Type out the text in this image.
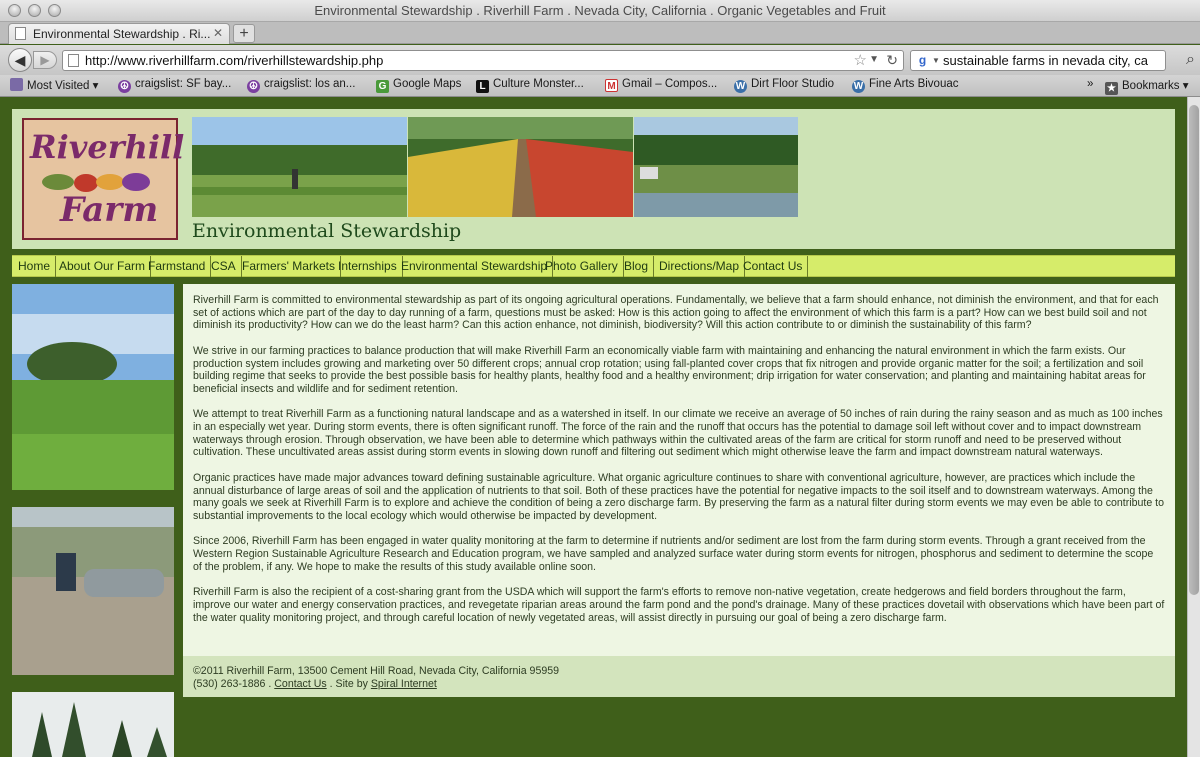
Environmental Stewardship . Riverhill Farm . Nevada City, California . Organic Vegetables and Fruit
Environmental Stewardship . Ri... ✕	+
◀	▶	http://www.riverhillfarm.com/riverhillstewardship.php	☆ ▼ ↻	g ▼ sustainable farms in nevada city, ca ⌕
Most Visited ▾ ☮ craigslist: SF bay... ☮ craigslist: los an... G Google Maps	L Culture Monster... M Gmail – Compos... W Dirt Floor Studio W Fine Arts Bivouac	» ★ Bookmarks ▾
Riverhill
Farm
Environmental Stewardship
Home About Our Farm Farmstand CSA Farmers' Markets Internships Environmental Stewardship
Photo Gallery Blog Directions/Map Contact Us

Riverhill Farm is committed to environmental stewardship as part of its ongoing agricultural operations. Fundamentally, we believe that a farm should enhance, not diminish the environment, and that for each set of actions which are part of the day to day running of a farm, questions must be asked: How is this action going to affect the environment of which this farm is a part? How can we best build soil and not diminish its productivity? How can we do the least harm? Can this action enhance, not diminish, biodiversity? Will this action contribute to or diminish the sustainability of this farm?

We strive in our farming practices to balance production that will make Riverhill Farm an economically viable farm with maintaining and enhancing the natural environment in which the farm exists. Our production system includes growing and marketing over 50 different crops; annual crop rotation; using fall-planted cover crops that fix nitrogen and provide organic matter for the soil; a fertilization and soil building regime that seeks to provide the best possible basis for healthy plants, healthy food and a healthy environment; drip irrigation for water conservation; and planting and maintaining habitat areas for beneficial insects and wildlife and for sediment retention.

We attempt to treat Riverhill Farm as a functioning natural landscape and as a watershed in itself. In our climate we receive an average of 50 inches of rain during the rainy season and as much as 100 inches in an especially wet year. During storm events, there is often significant runoff. The force of the rain and the runoff that occurs has the potential to damage soil left without cover and to impact downstream waterways through erosion. Through observation, we have been able to determine which pathways within the cultivated areas of the farm are critical for storm runoff and need to be preserved without cultivation. These uncultivated areas assist during storm events in slowing down runoff and filtering out sediment which might otherwise leave the farm and impact downstream natural waterways.

Organic practices have made major advances toward defining sustainable agriculture. What organic agriculture continues to share with conventional agriculture, however, are practices which include the annual disturbance of large areas of soil and the application of nutrients to that soil. Both of these practices have the potential for negative impacts to the soil itself and to downstream waterways. Among the many goals we seek at Riverhill Farm is to explore and achieve the condition of being a zero discharge farm. By preserving the farm as a natural filter during storm events we may even be able to contribute to substantial improvements to the local ecology which would otherwise be impacted by development.

Since 2006, Riverhill Farm has been engaged in water quality monitoring at the farm to determine if nutrients and/or sediment are lost from the farm during storm events. Through a grant received from the Western Region Sustainable Agriculture Research and Education program, we have sampled and analyzed surface water during storm events for nitrogen, phosphorus and sediment to determine the scope of the problem, if any. We hope to make the results of this study available online soon.

Riverhill Farm is also the recipient of a cost-sharing grant from the USDA which will support the farm's efforts to remove non-native vegetation, create hedgerows and field borders throughout the farm, improve our water and energy conservation practices, and revegetate riparian areas around the farm pond and the pond's drainage. Many of these practices dovetail with observations which have been part of the water quality monitoring project, and through careful location of newly vegetated areas, will assist directly in pursuing our goal of being a zero discharge farm.

©2011 Riverhill Farm, 13500 Cement Hill Road, Nevada City, California 95959
(530) 263-1886 . Contact Us . Site by Spiral Internet
